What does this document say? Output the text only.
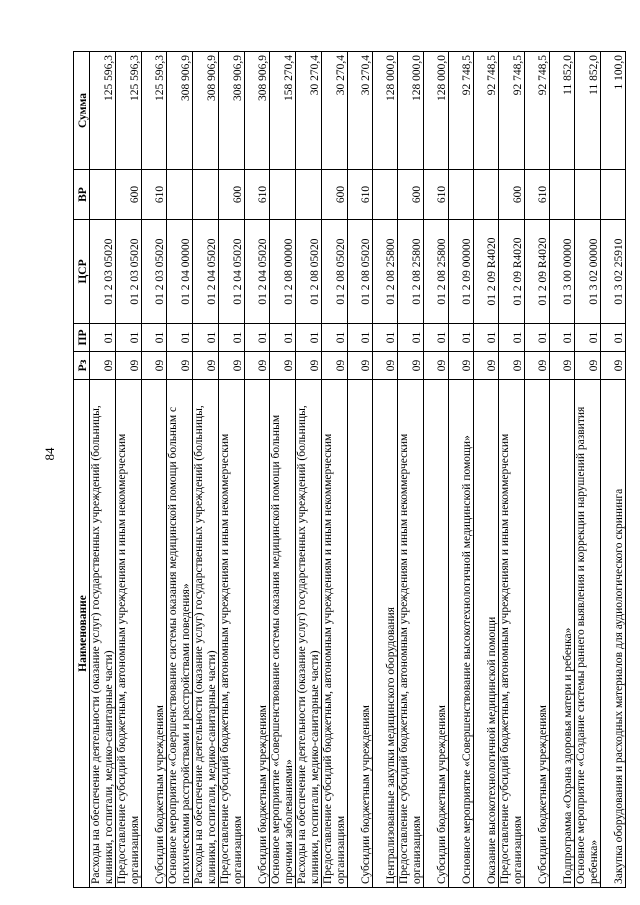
84
Наименование	Рз	ПР	ЦСР	ВР	Сумма
Расходы на обеспечение деятельности (оказание услуг) государственных учреждений (больницы, клиники, госпитали, медико-санитарные части)	09	01	01 2 03 05020		125 596,3
Предоставление субсидий бюджетным, автономным учреждениям и иным некоммерческим организациям	09	01	01 2 03 05020	600	125 596,3
Субсидии бюджетным учреждениям	09	01	01 2 03 05020	610	125 596,3
Основное мероприятие «Совершенствование системы оказания медицинской помощи больным с психическими расстройствами и расстройствами поведения»	09	01	01 2 04 00000		308 906,9
Расходы на обеспечение деятельности (оказание услуг) государственных учреждений (больницы, клиники, госпитали, медико-санитарные части)	09	01	01 2 04 05020		308 906,9
Предоставление субсидий бюджетным, автономным учреждениям и иным некоммерческим организациям	09	01	01 2 04 05020	600	308 906,9
Субсидии бюджетным учреждениям	09	01	01 2 04 05020	610	308 906,9
Основное мероприятие «Совершенствование системы оказания медицинской помощи больным прочими заболеваниями»	09	01	01 2 08 00000		158 270,4
Расходы на обеспечение деятельности (оказание услуг) государственных учреждений (больницы, клиники, госпитали, медико-санитарные части)	09	01	01 2 08 05020		30 270,4
Предоставление субсидий бюджетным, автономным учреждениям и иным некоммерческим организациям	09	01	01 2 08 05020	600	30 270,4
Субсидии бюджетным учреждениям	09	01	01 2 08 05020	610	30 270,4
Централизованные закупки медицинского оборудования	09	01	01 2 08 25800		128 000,0
Предоставление субсидий бюджетным, автономным учреждениям и иным некоммерческим организациям	09	01	01 2 08 25800	600	128 000,0
Субсидии бюджетным учреждениям	09	01	01 2 08 25800	610	128 000,0
Основное мероприятие «Совершенствование высокотехнологичной медицинской помощи»	09	01	01 2 09 00000		92 748,5
Оказание высокотехнологичной медицинской помощи	09	01	01 2 09 R4020		92 748,5
Предоставление субсидий бюджетным, автономным учреждениям и иным некоммерческим организациям	09	01	01 2 09 R4020	600	92 748,5
Субсидии бюджетным учреждениям	09	01	01 2 09 R4020	610	92 748,5
Подпрограмма «Охрана здоровья матери и ребенка»	09	01	01 3 00 00000		11 852,0
Основное мероприятие «Создание системы раннего выявления и коррекции нарушений развития ребенка»	09	01	01 3 02 00000		11 852,0
Закупка оборудования и расходных материалов для аудиологического скрининга	09	01	01 3 02 25910		1 100,0
